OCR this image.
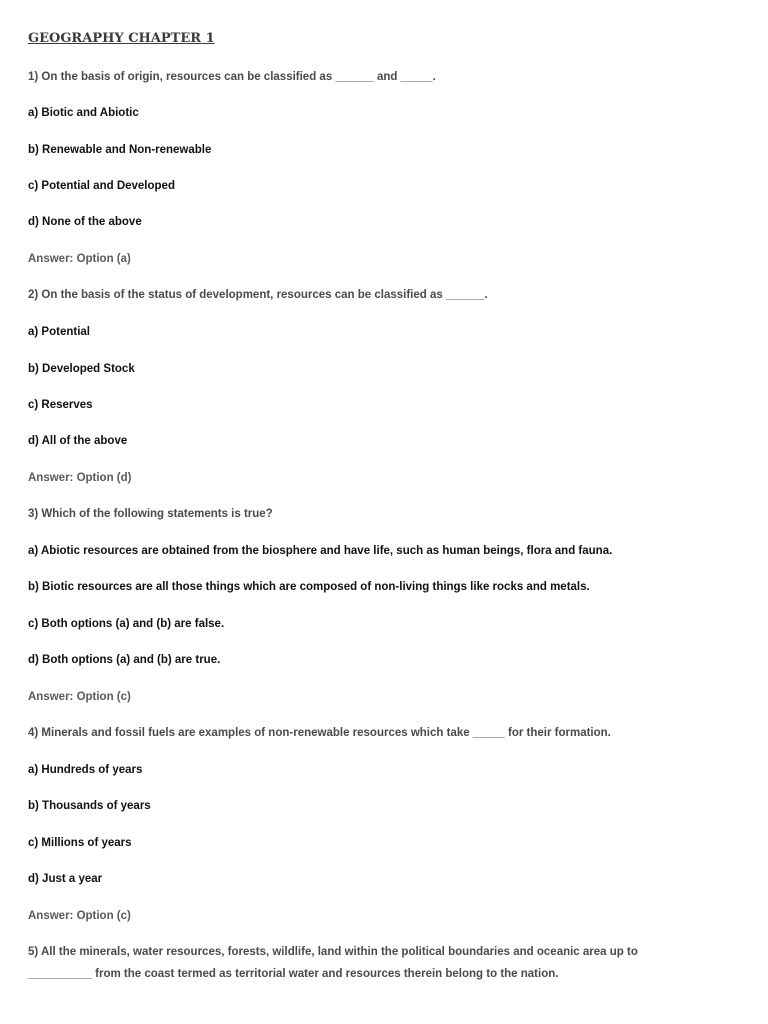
GEOGRAPHY CHAPTER 1
1) On the basis of origin, resources can be classified as ______ and _____.
a) Biotic and Abiotic
b) Renewable and Non-renewable
c) Potential and Developed
d) None of the above
Answer: Option (a)
2) On the basis of the status of development, resources can be classified as ______.
a) Potential
b) Developed Stock
c) Reserves
d) All of the above
Answer: Option (d)
3) Which of the following statements is true?
a) Abiotic resources are obtained from the biosphere and have life, such as human beings, flora and fauna.
b) Biotic resources are all those things which are composed of non-living things like rocks and metals.
c) Both options (a) and (b) are false.
d) Both options (a) and (b) are true.
Answer: Option (c)
4) Minerals and fossil fuels are examples of non-renewable resources which take _____ for their formation.
a) Hundreds of years
b) Thousands of years
c) Millions of years
d) Just a year
Answer: Option (c)
5) All the minerals, water resources, forests, wildlife, land within the political boundaries and oceanic area up to
__________ from the coast termed as territorial water and resources therein belong to the nation.
